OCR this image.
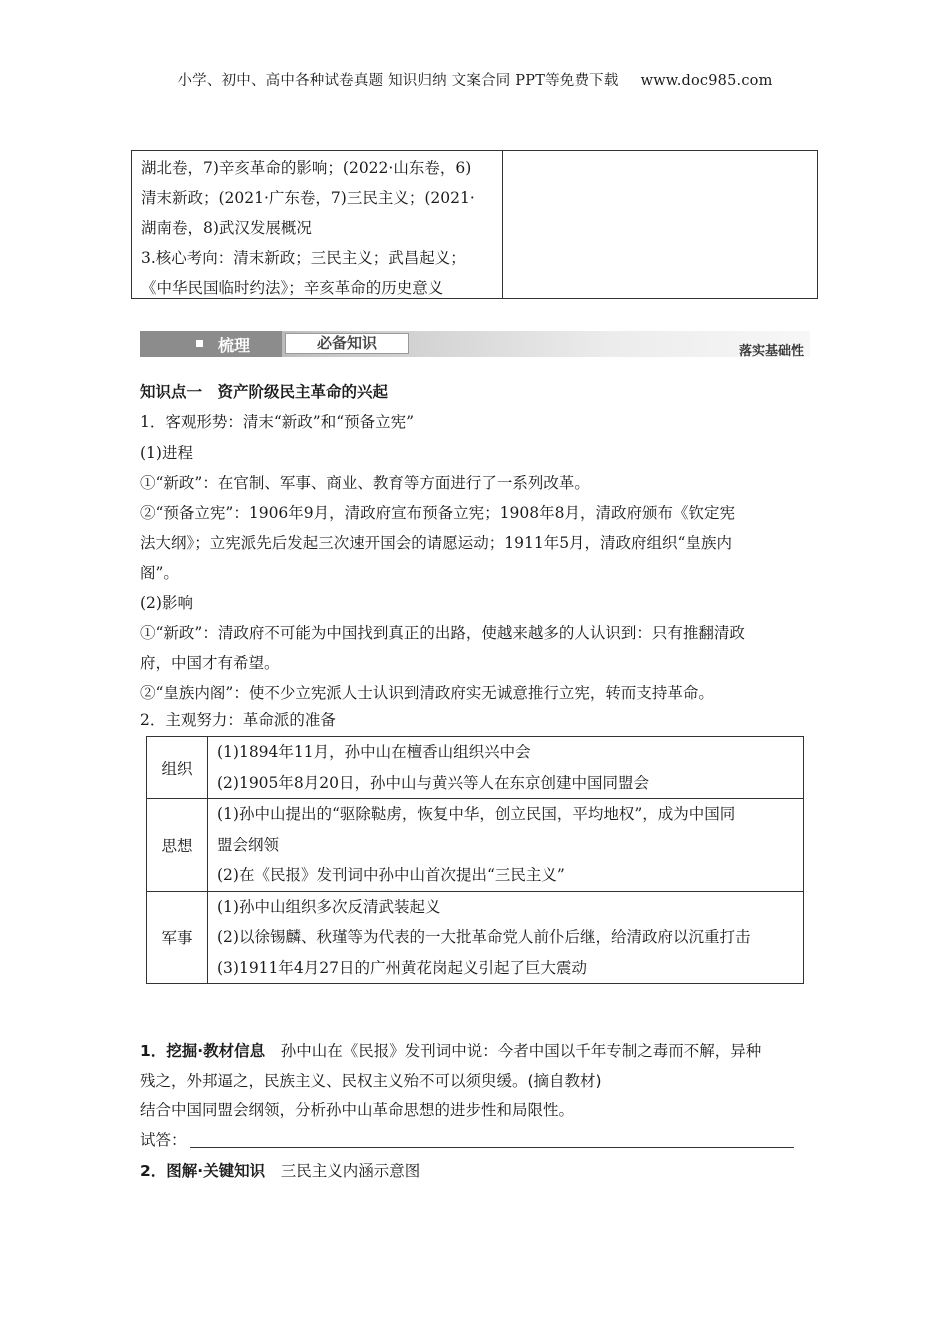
小学、初中、高中各种试卷真题 知识归纳 文案合同 PPT等免费下载 www.doc985.com
湖北卷，7)辛亥革命的影响；(2022·山东卷，6)
清末新政；(2021·广东卷，7)三民主义；(2021·
湖南卷，8)武汉发展概况
3.核心考向：清末新政；三民主义；武昌起义；
《中华民国临时约法》；辛亥革命的历史意义
梳理	必备知识	落实基础性
知识点一　资产阶级民主革命的兴起
1．客观形势：清末“新政”和“预备立宪”
(1)进程
①“新政”：在官制、军事、商业、教育等方面进行了一系列改革。
②“预备立宪”：1906年9月，清政府宣布预备立宪；1908年8月，清政府颁布《钦定宪
法大纲》；立宪派先后发起三次速开国会的请愿运动；1911年5月，清政府组织“皇族内
阁”。
(2)影响
①“新政”：清政府不可能为中国找到真正的出路，使越来越多的人认识到：只有推翻清政
府，中国才有希望。
②“皇族内阁”：使不少立宪派人士认识到清政府实无诚意推行立宪，转而支持革命。
2．主观努力：革命派的准备
组织	(1)1894年11月，孙中山在檀香山组织兴中会
(2)1905年8月20日，孙中山与黄兴等人在东京创建中国同盟会

思想	(1)孙中山提出的“驱除鞑虏，恢复中华，创立民国，平均地权”，成为中国同
盟会纲领
(2)在《民报》发刊词中孙中山首次提出“三民主义”

军事	(1)孙中山组织多次反清武装起义
(2)以徐锡麟、秋瑾等为代表的一大批革命党人前仆后继，给清政府以沉重打击
(3)1911年4月27日的广州黄花岗起义引起了巨大震动
1．挖掘·教材信息　 孙中山在《民报》发刊词中说：今者中国以千年专制之毒而不解，异种
残之，外邦逼之，民族主义、民权主义殆不可以须臾缓。(摘自教材)
结合中国同盟会纲领，分析孙中山革命思想的进步性和局限性。
试答：
2．图解·关键知识　 三民主义内涵示意图
